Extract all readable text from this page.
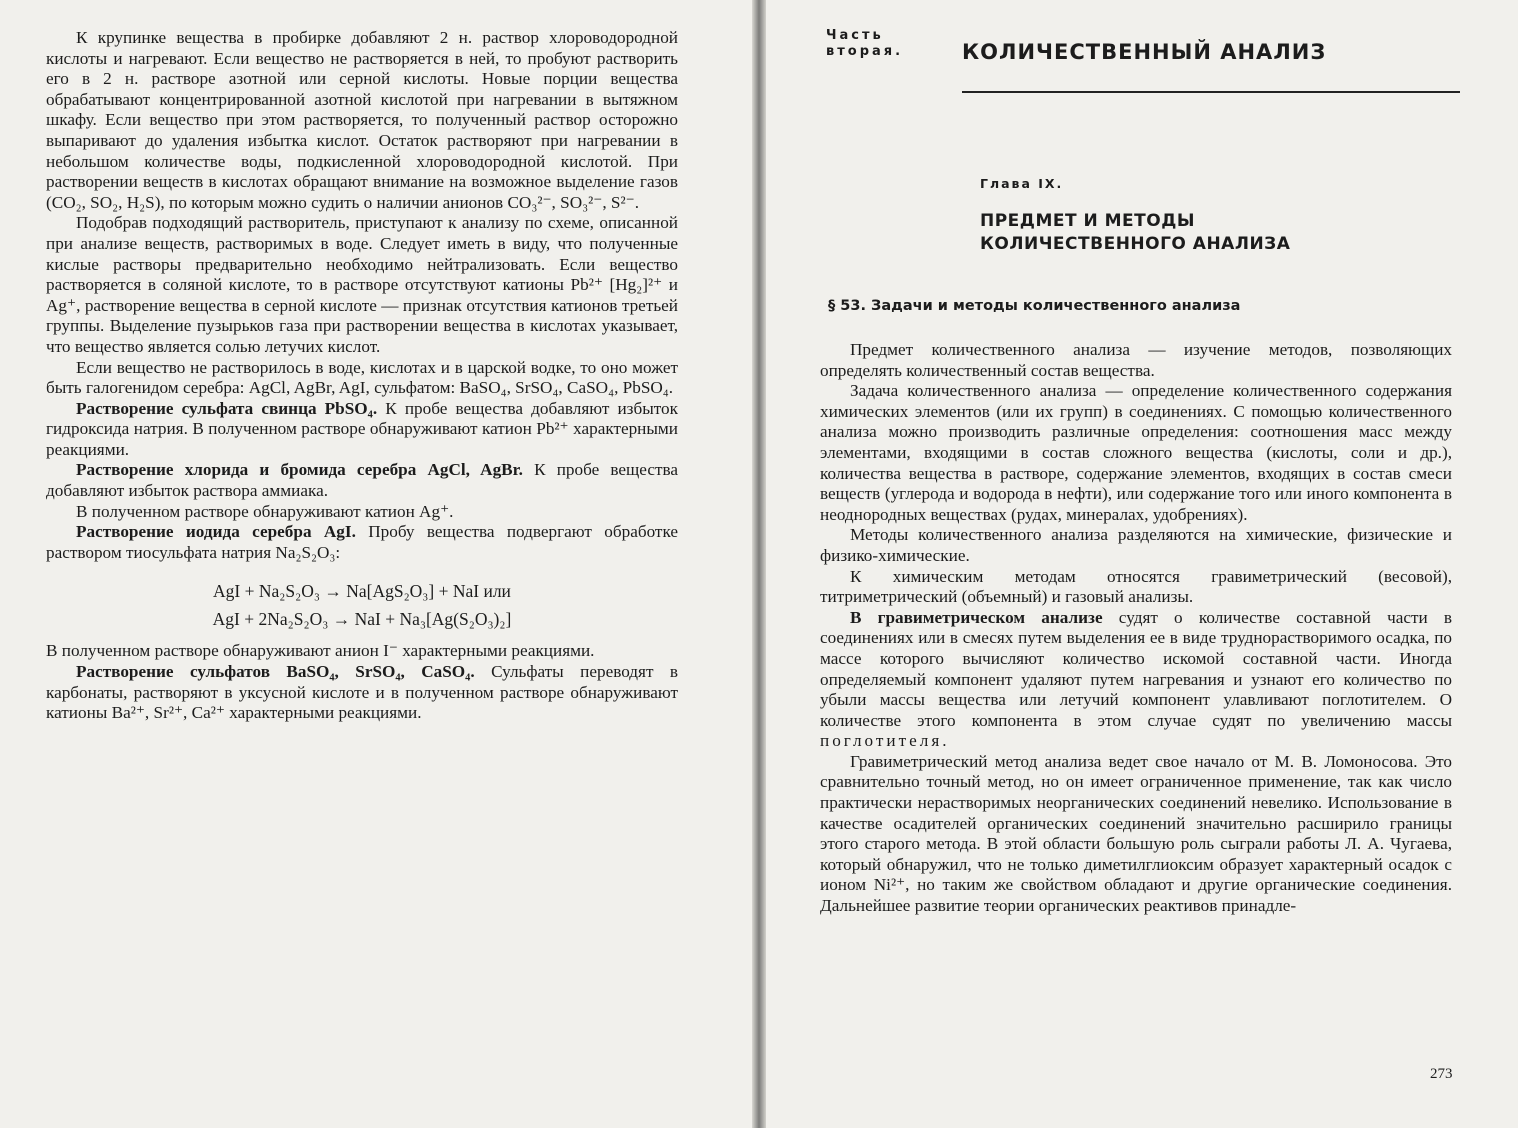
К крупинке вещества в пробирке добавляют 2 н. раствор хлороводородной кислоты и нагревают. Если вещество не растворяется в ней, то пробуют растворить его в 2 н. растворе азотной или серной кислоты. Новые порции вещества обрабатывают концентрированной азотной кислотой при нагревании в вытяжном шкафу. Если вещество при этом растворяется, то полученный раствор осторожно выпаривают до удаления избытка кислот. Остаток растворяют при нагревании в небольшом количестве воды, подкисленной хлороводородной кислотой. При растворении веществ в кислотах обращают внимание на возможное выделение газов (CO₂, SO₂, H₂S), по которым можно судить о наличии анионов CO₃²⁻, SO₃²⁻, S²⁻.

Подобрав подходящий растворитель, приступают к анализу по схеме, описанной при анализе веществ, растворимых в воде. Следует иметь в виду, что полученные кислые растворы предварительно необходимо нейтрализовать. Если вещество растворяется в соляной кислоте, то в растворе отсутствуют катионы Pb²⁺ [Hg₂]²⁺ и Ag⁺, растворение вещества в серной кислоте — признак отсутствия катионов третьей группы. Выделение пузырьков газа при растворении вещества в кислотах указывает, что вещество является солью летучих кислот.

Если вещество не растворилось в воде, кислотах и в царской водке, то оно может быть галогенидом серебра: AgCl, AgBr, AgI, сульфатом: BaSO₄, SrSO₄, CaSO₄, PbSO₄.

Растворение сульфата свинца PbSO₄. К пробе вещества добавляют избыток гидроксида натрия. В полученном растворе обнаруживают катион Pb²⁺ характерными реакциями.

Растворение хлорида и бромида серебра AgCl, AgBr. К пробе вещества добавляют избыток раствора аммиака.

В полученном растворе обнаруживают катион Ag⁺.

Растворение иодида серебра AgI. Пробу вещества подвергают обработке раствором тиосульфата натрия Na₂S₂O₃:

AgI + Na₂S₂O₃ → Na[AgS₂O₃] + NaI или
AgI + 2Na₂S₂O₃ → NaI + Na₃[Ag(S₂O₃)₂]

В полученном растворе обнаруживают анион I⁻ характерными реакциями.

Растворение сульфатов BaSO₄, SrSO₄, CaSO₄. Сульфаты переводят в карбонаты, растворяют в уксусной кислоте и в полученном растворе обнаруживают катионы Ba²⁺, Sr²⁺, Ca²⁺ характерными реакциями.

Часть
вторая.	КОЛИЧЕСТВЕННЫЙ АНАЛИЗ
Глава IX.
ПРЕДМЕТ И МЕТОДЫ
КОЛИЧЕСТВЕННОГО АНАЛИЗА
§ 53. Задачи и методы количественного анализа

Предмет количественного анализа — изучение методов, позволяющих определять количественный состав вещества.

Задача количественного анализа — определение количественного содержания химических элементов (или их групп) в соединениях. С помощью количественного анализа можно производить различные определения: соотношения масс между элементами, входящими в состав сложного вещества (кислоты, соли и др.), количества вещества в растворе, содержание элементов, входящих в состав смеси веществ (углерода и водорода в нефти), или содержание того или иного компонента в неоднородных веществах (рудах, минералах, удобрениях).

Методы количественного анализа разделяются на химические, физические и физико-химические.

К химическим методам относятся гравиметрический (весовой), титриметрический (объемный) и газовый анализы.

В гравиметрическом анализе судят о количестве составной части в соединениях или в смесях путем выделения ее в виде труднорастворимого осадка, по массе которого вычисляют количество искомой составной части. Иногда определяемый компонент удаляют путем нагревания и узнают его количество по убыли массы вещества или летучий компонент улавливают поглотителем. О количестве этого компонента в этом случае судят по увеличению массы поглотителя.

Гравиметрический метод анализа ведет свое начало от М. В. Ломоносова. Это сравнительно точный метод, но он имеет ограниченное применение, так как число практически нерастворимых неорганических соединений невелико. Использование в качестве осадителей органических соединений значительно расширило границы этого старого метода. В этой области большую роль сыграли работы Л. А. Чугаева, который обнаружил, что не только диметилглиоксим образует характерный осадок с ионом Ni²⁺, но таким же свойством обладают и другие органические соединения. Дальнейшее развитие теории органических реактивов принадле-

273
